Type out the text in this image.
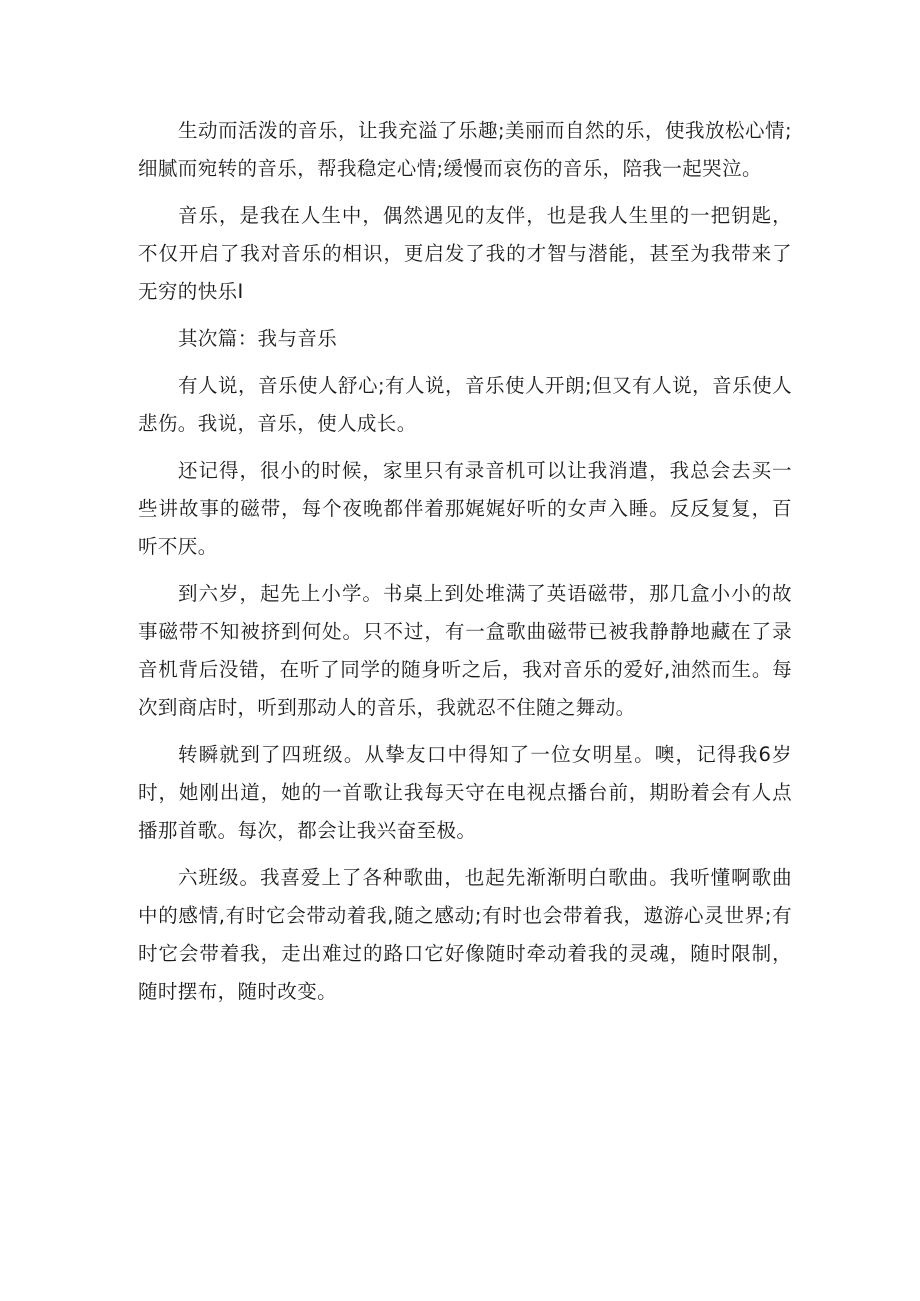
生动而活泼的音乐，让我充溢了乐趣;美丽而自然的乐，使我放松心情;细腻而宛转的音乐，帮我稳定心情;缓慢而哀伤的音乐，陪我一起哭泣。

音乐，是我在人生中，偶然遇见的友伴，也是我人生里的一把钥匙，不仅开启了我对音乐的相识，更启发了我的才智与潜能，甚至为我带来了无穷的快乐I

其次篇：我与音乐

有人说，音乐使人舒心;有人说，音乐使人开朗;但又有人说，音乐使人悲伤。我说，音乐，使人成长。

还记得，很小的时候，家里只有录音机可以让我消遣，我总会去买一些讲故事的磁带，每个夜晚都伴着那娓娓好听的女声入睡。反反复复，百听不厌。

到六岁，起先上小学。书桌上到处堆满了英语磁带，那几盒小小的故事磁带不知被挤到何处。只不过，有一盒歌曲磁带已被我静静地藏在了录音机背后没错，在听了同学的随身听之后，我对音乐的爱好,油然而生。每次到商店时，听到那动人的音乐，我就忍不住随之舞动。

转瞬就到了四班级。从挚友口中得知了一位女明星。噢，记得我6岁时，她刚出道，她的一首歌让我每天守在电视点播台前，期盼着会有人点播那首歌。每次，都会让我兴奋至极。

六班级。我喜爱上了各种歌曲，也起先渐渐明白歌曲。我听懂啊歌曲中的感情,有时它会带动着我,随之感动;有时也会带着我，遨游心灵世界;有时它会带着我，走出难过的路口它好像随时牵动着我的灵魂，随时限制，随时摆布，随时改变。
